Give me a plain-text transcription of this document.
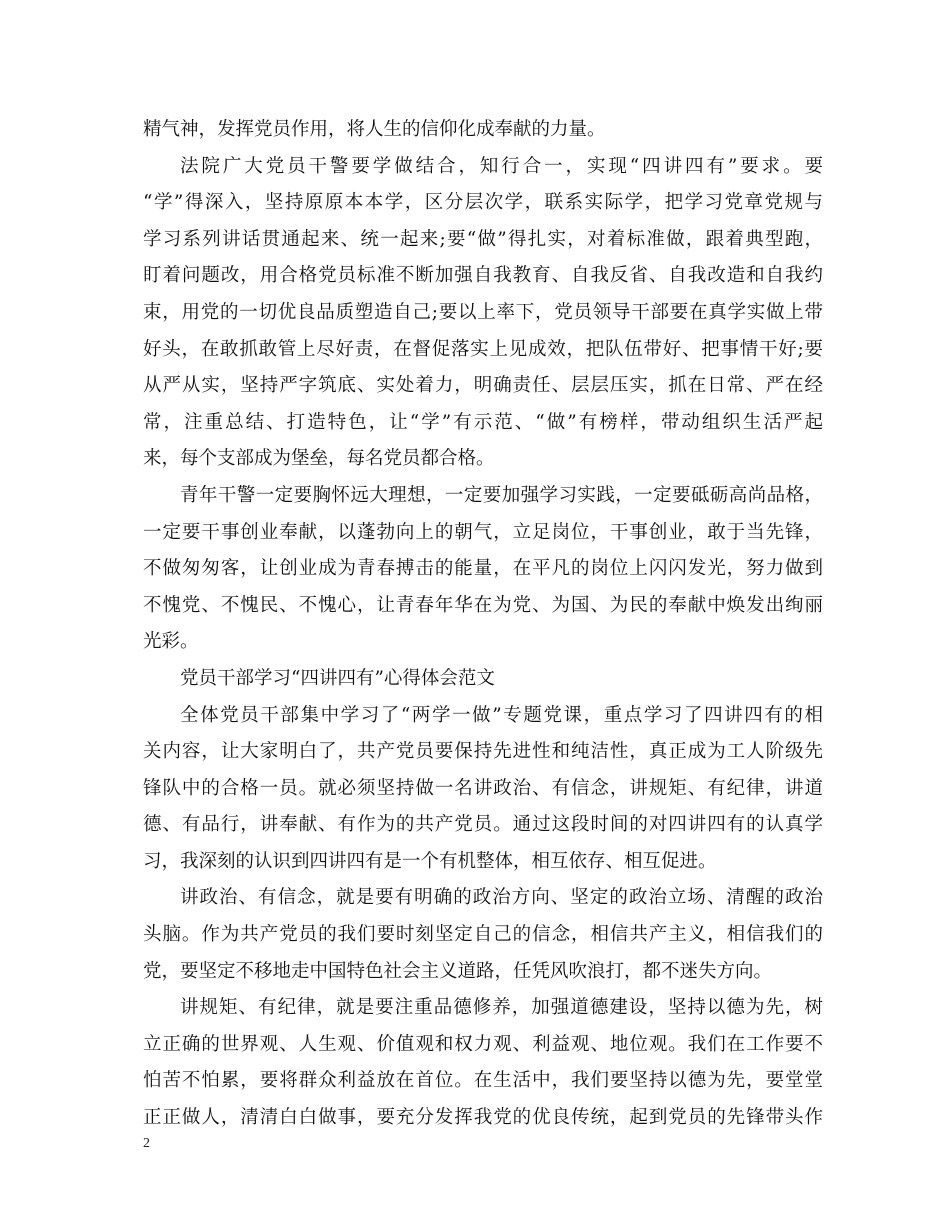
精气神，发挥党员作用，将人生的信仰化成奉献的力量。
法院广大党员干警要学做结合，知行合一，实现“四讲四有”要求。要
“学”得深入，坚持原原本本学，区分层次学，联系实际学，把学习党章党规与
学习系列讲话贯通起来、统一起来;要“做”得扎实，对着标准做，跟着典型跑，
盯着问题改，用合格党员标准不断加强自我教育、自我反省、自我改造和自我约
束，用党的一切优良品质塑造自己;要以上率下，党员领导干部要在真学实做上带
好头，在敢抓敢管上尽好责，在督促落实上见成效，把队伍带好、把事情干好;要
从严从实，坚持严字筑底、实处着力，明确责任、层层压实，抓在日常、严在经
常，注重总结、打造特色，让“学”有示范、“做”有榜样，带动组织生活严起
来，每个支部成为堡垒，每名党员都合格。
青年干警一定要胸怀远大理想，一定要加强学习实践，一定要砥砺高尚品格，
一定要干事创业奉献，以蓬勃向上的朝气，立足岗位，干事创业，敢于当先锋，
不做匆匆客，让创业成为青春搏击的能量，在平凡的岗位上闪闪发光，努力做到
不愧党、不愧民、不愧心，让青春年华在为党、为国、为民的奉献中焕发出绚丽
光彩。
党员干部学习“四讲四有”心得体会范文
全体党员干部集中学习了“两学一做”专题党课，重点学习了四讲四有的相
关内容，让大家明白了，共产党员要保持先进性和纯洁性，真正成为工人阶级先
锋队中的合格一员。就必须坚持做一名讲政治、有信念，讲规矩、有纪律，讲道
德、有品行，讲奉献、有作为的共产党员。通过这段时间的对四讲四有的认真学
习，我深刻的认识到四讲四有是一个有机整体，相互依存、相互促进。
讲政治、有信念，就是要有明确的政治方向、坚定的政治立场、清醒的政治
头脑。作为共产党员的我们要时刻坚定自己的信念，相信共产主义，相信我们的
党，要坚定不移地走中国特色社会主义道路，任凭风吹浪打，都不迷失方向。
讲规矩、有纪律，就是要注重品德修养，加强道德建设，坚持以德为先，树
立正确的世界观、人生观、价值观和权力观、利益观、地位观。我们在工作要不
怕苦不怕累，要将群众利益放在首位。在生活中，我们要坚持以德为先，要堂堂
正正做人，清清白白做事，要充分发挥我党的优良传统，起到党员的先锋带头作
2
